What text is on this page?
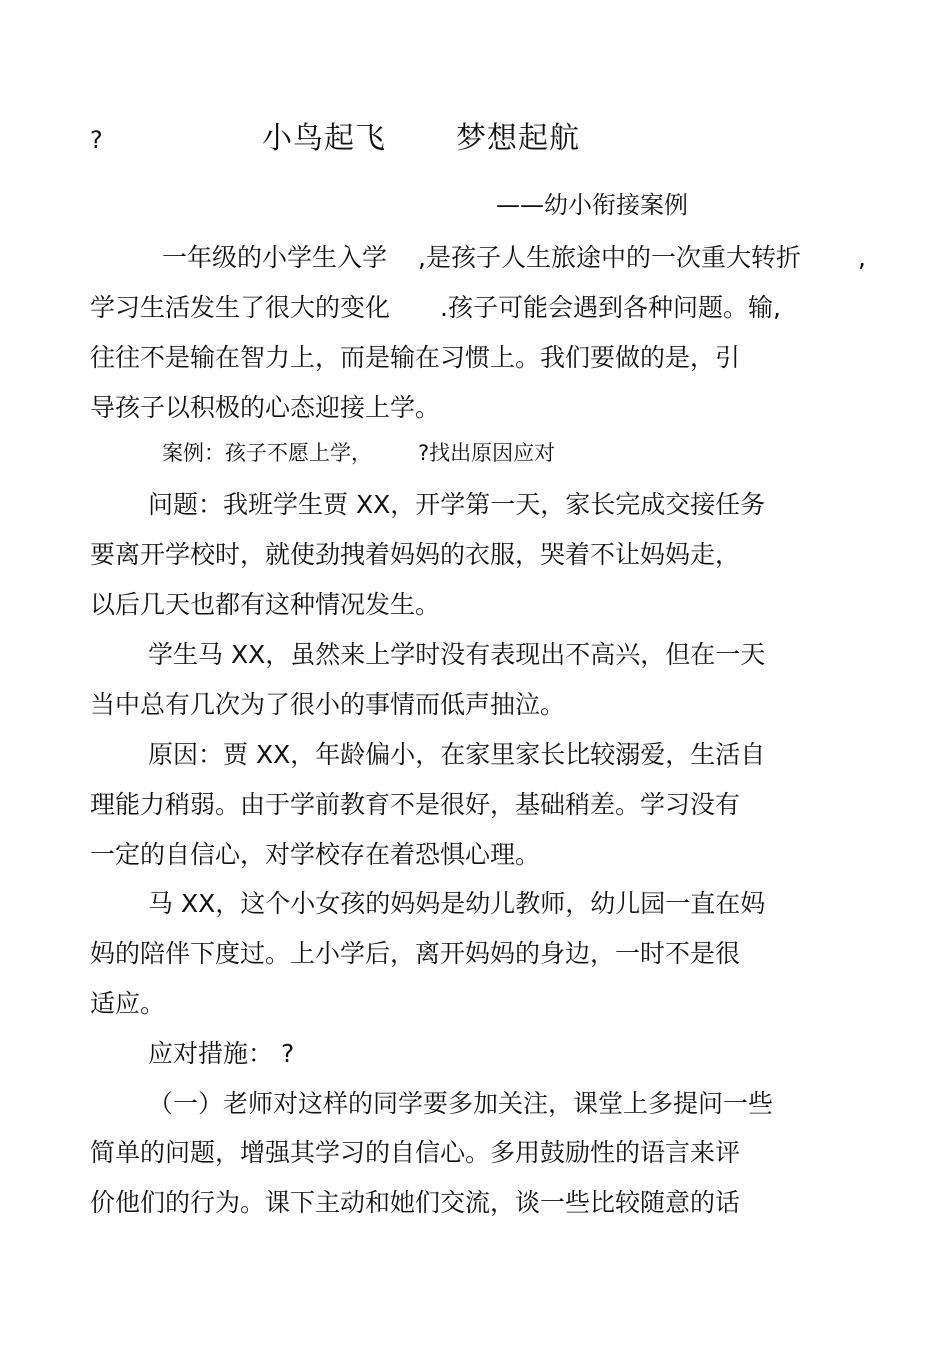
?	小鸟起飞 梦想起航
——幼小衔接案例
一年级的小学生入学 ,是孩子人生旅途中的一次重大转折 ,
学习生活发生了很大的变化 .孩子可能会遇到各种问题。输,
往往不是输在智力上，而是输在习惯上。我们要做的是，引
导孩子以积极的心态迎接上学。
案例：孩子不愿上学， ?找出原因应对
问题：我班学生贾 XX，开学第一天，家长完成交接任务
要离开学校时，就使劲拽着妈妈的衣服，哭着不让妈妈走，
以后几天也都有这种情况发生。
学生马 XX，虽然来上学时没有表现出不高兴，但在一天
当中总有几次为了很小的事情而低声抽泣。
原因：贾 XX，年龄偏小，在家里家长比较溺爱，生活自
理能力稍弱。由于学前教育不是很好，基础稍差。学习没有
一定的自信心，对学校存在着恐惧心理。
马 XX，这个小女孩的妈妈是幼儿教师，幼儿园一直在妈
妈的陪伴下度过。上小学后，离开妈妈的身边，一时不是很
适应。
应对措施： ?
（一）老师对这样的同学要多加关注，课堂上多提问一些
简单的问题，增强其学习的自信心。多用鼓励性的语言来评
价他们的行为。课下主动和她们交流，谈一些比较随意的话
